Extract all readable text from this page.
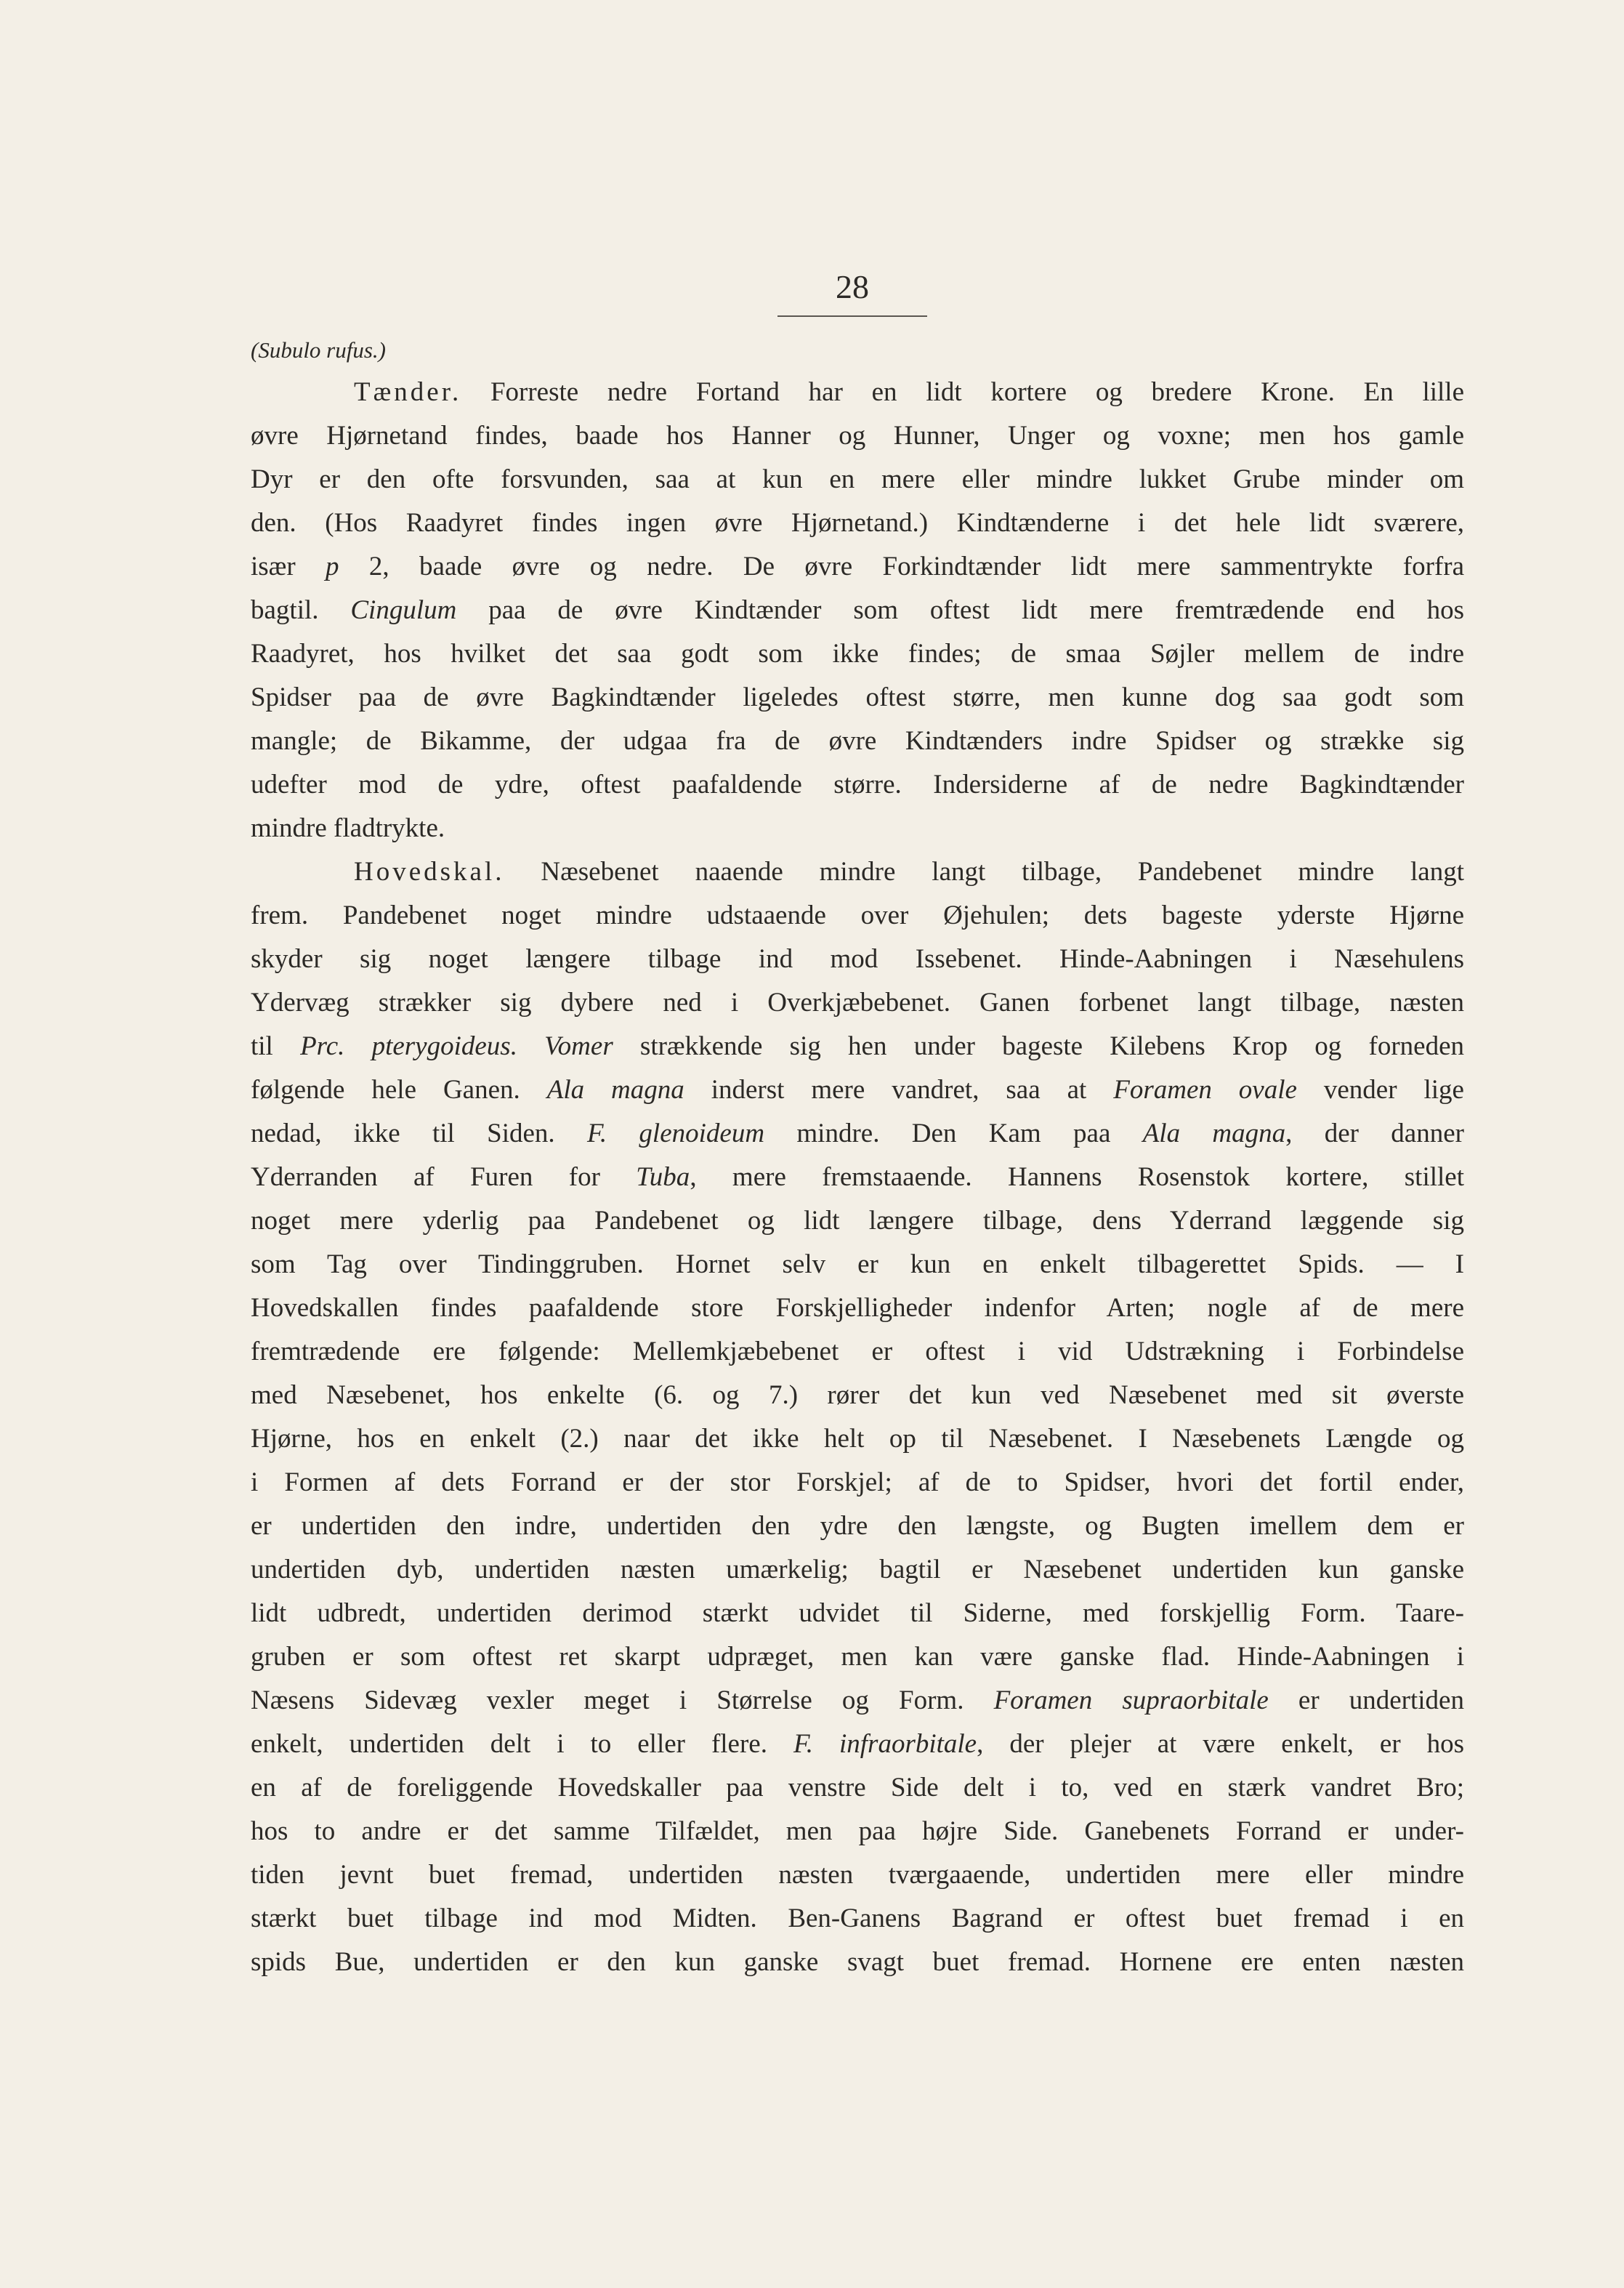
28
(Subulo rufus.)
Tænder. Forreste nedre Fortand har en lidt kortere og bredere Krone. En lille
øvre Hjørnetand findes, baade hos Hanner og Hunner, Unger og voxne; men hos gamle
Dyr er den ofte forsvunden, saa at kun en mere eller mindre lukket Grube minder om
den. (Hos Raadyret findes ingen øvre Hjørnetand.) Kindtænderne i det hele lidt sværere,
især p 2, baade øvre og nedre. De øvre Forkindtænder lidt mere sammentrykte forfra
bagtil. Cingulum paa de øvre Kindtænder som oftest lidt mere fremtrædende end hos
Raadyret, hos hvilket det saa godt som ikke findes; de smaa Søjler mellem de indre
Spidser paa de øvre Bagkindtænder ligeledes oftest større, men kunne dog saa godt som
mangle; de Bikamme, der udgaa fra de øvre Kindtænders indre Spidser og strække sig
udefter mod de ydre, oftest paafaldende større. Indersiderne af de nedre Bagkindtænder
mindre fladtrykte.
Hovedskal. Næsebenet naaende mindre langt tilbage, Pandebenet mindre langt
frem. Pandebenet noget mindre udstaaende over Øjehulen; dets bageste yderste Hjørne
skyder sig noget længere tilbage ind mod Issebenet. Hinde-Aabningen i Næsehulens
Ydervæg strækker sig dybere ned i Overkjæbebenet. Ganen forbenet langt tilbage, næsten
til Prc. pterygoideus. Vomer strækkende sig hen under bageste Kilebens Krop og forneden
følgende hele Ganen. Ala magna inderst mere vandret, saa at Foramen ovale vender lige
nedad, ikke til Siden. F. glenoideum mindre. Den Kam paa Ala magna, der danner
Yderranden af Furen for Tuba, mere fremstaaende. Hannens Rosenstok kortere, stillet
noget mere yderlig paa Pandebenet og lidt længere tilbage, dens Yderrand læggende sig
som Tag over Tindinggruben. Hornet selv er kun en enkelt tilbagerettet Spids. — I
Hovedskallen findes paafaldende store Forskjelligheder indenfor Arten; nogle af de mere
fremtrædende ere følgende: Mellemkjæbebenet er oftest i vid Udstrækning i Forbindelse
med Næsebenet, hos enkelte (6. og 7.) rører det kun ved Næsebenet med sit øverste
Hjørne, hos en enkelt (2.) naar det ikke helt op til Næsebenet. I Næsebenets Længde og
i Formen af dets Forrand er der stor Forskjel; af de to Spidser, hvori det fortil ender,
er undertiden den indre, undertiden den ydre den længste, og Bugten imellem dem er
undertiden dyb, undertiden næsten umærkelig; bagtil er Næsebenet undertiden kun ganske
lidt udbredt, undertiden derimod stærkt udvidet til Siderne, med forskjellig Form. Taare-
gruben er som oftest ret skarpt udpræget, men kan være ganske flad. Hinde-Aabningen i
Næsens Sidevæg vexler meget i Størrelse og Form. Foramen supraorbitale er undertiden
enkelt, undertiden delt i to eller flere. F. infraorbitale, der plejer at være enkelt, er hos
en af de foreliggende Hovedskaller paa venstre Side delt i to, ved en stærk vandret Bro;
hos to andre er det samme Tilfældet, men paa højre Side. Ganebenets Forrand er under-
tiden jevnt buet fremad, undertiden næsten tværgaaende, undertiden mere eller mindre
stærkt buet tilbage ind mod Midten. Ben-Ganens Bagrand er oftest buet fremad i en
spids Bue, undertiden er den kun ganske svagt buet fremad. Hornene ere enten næsten
